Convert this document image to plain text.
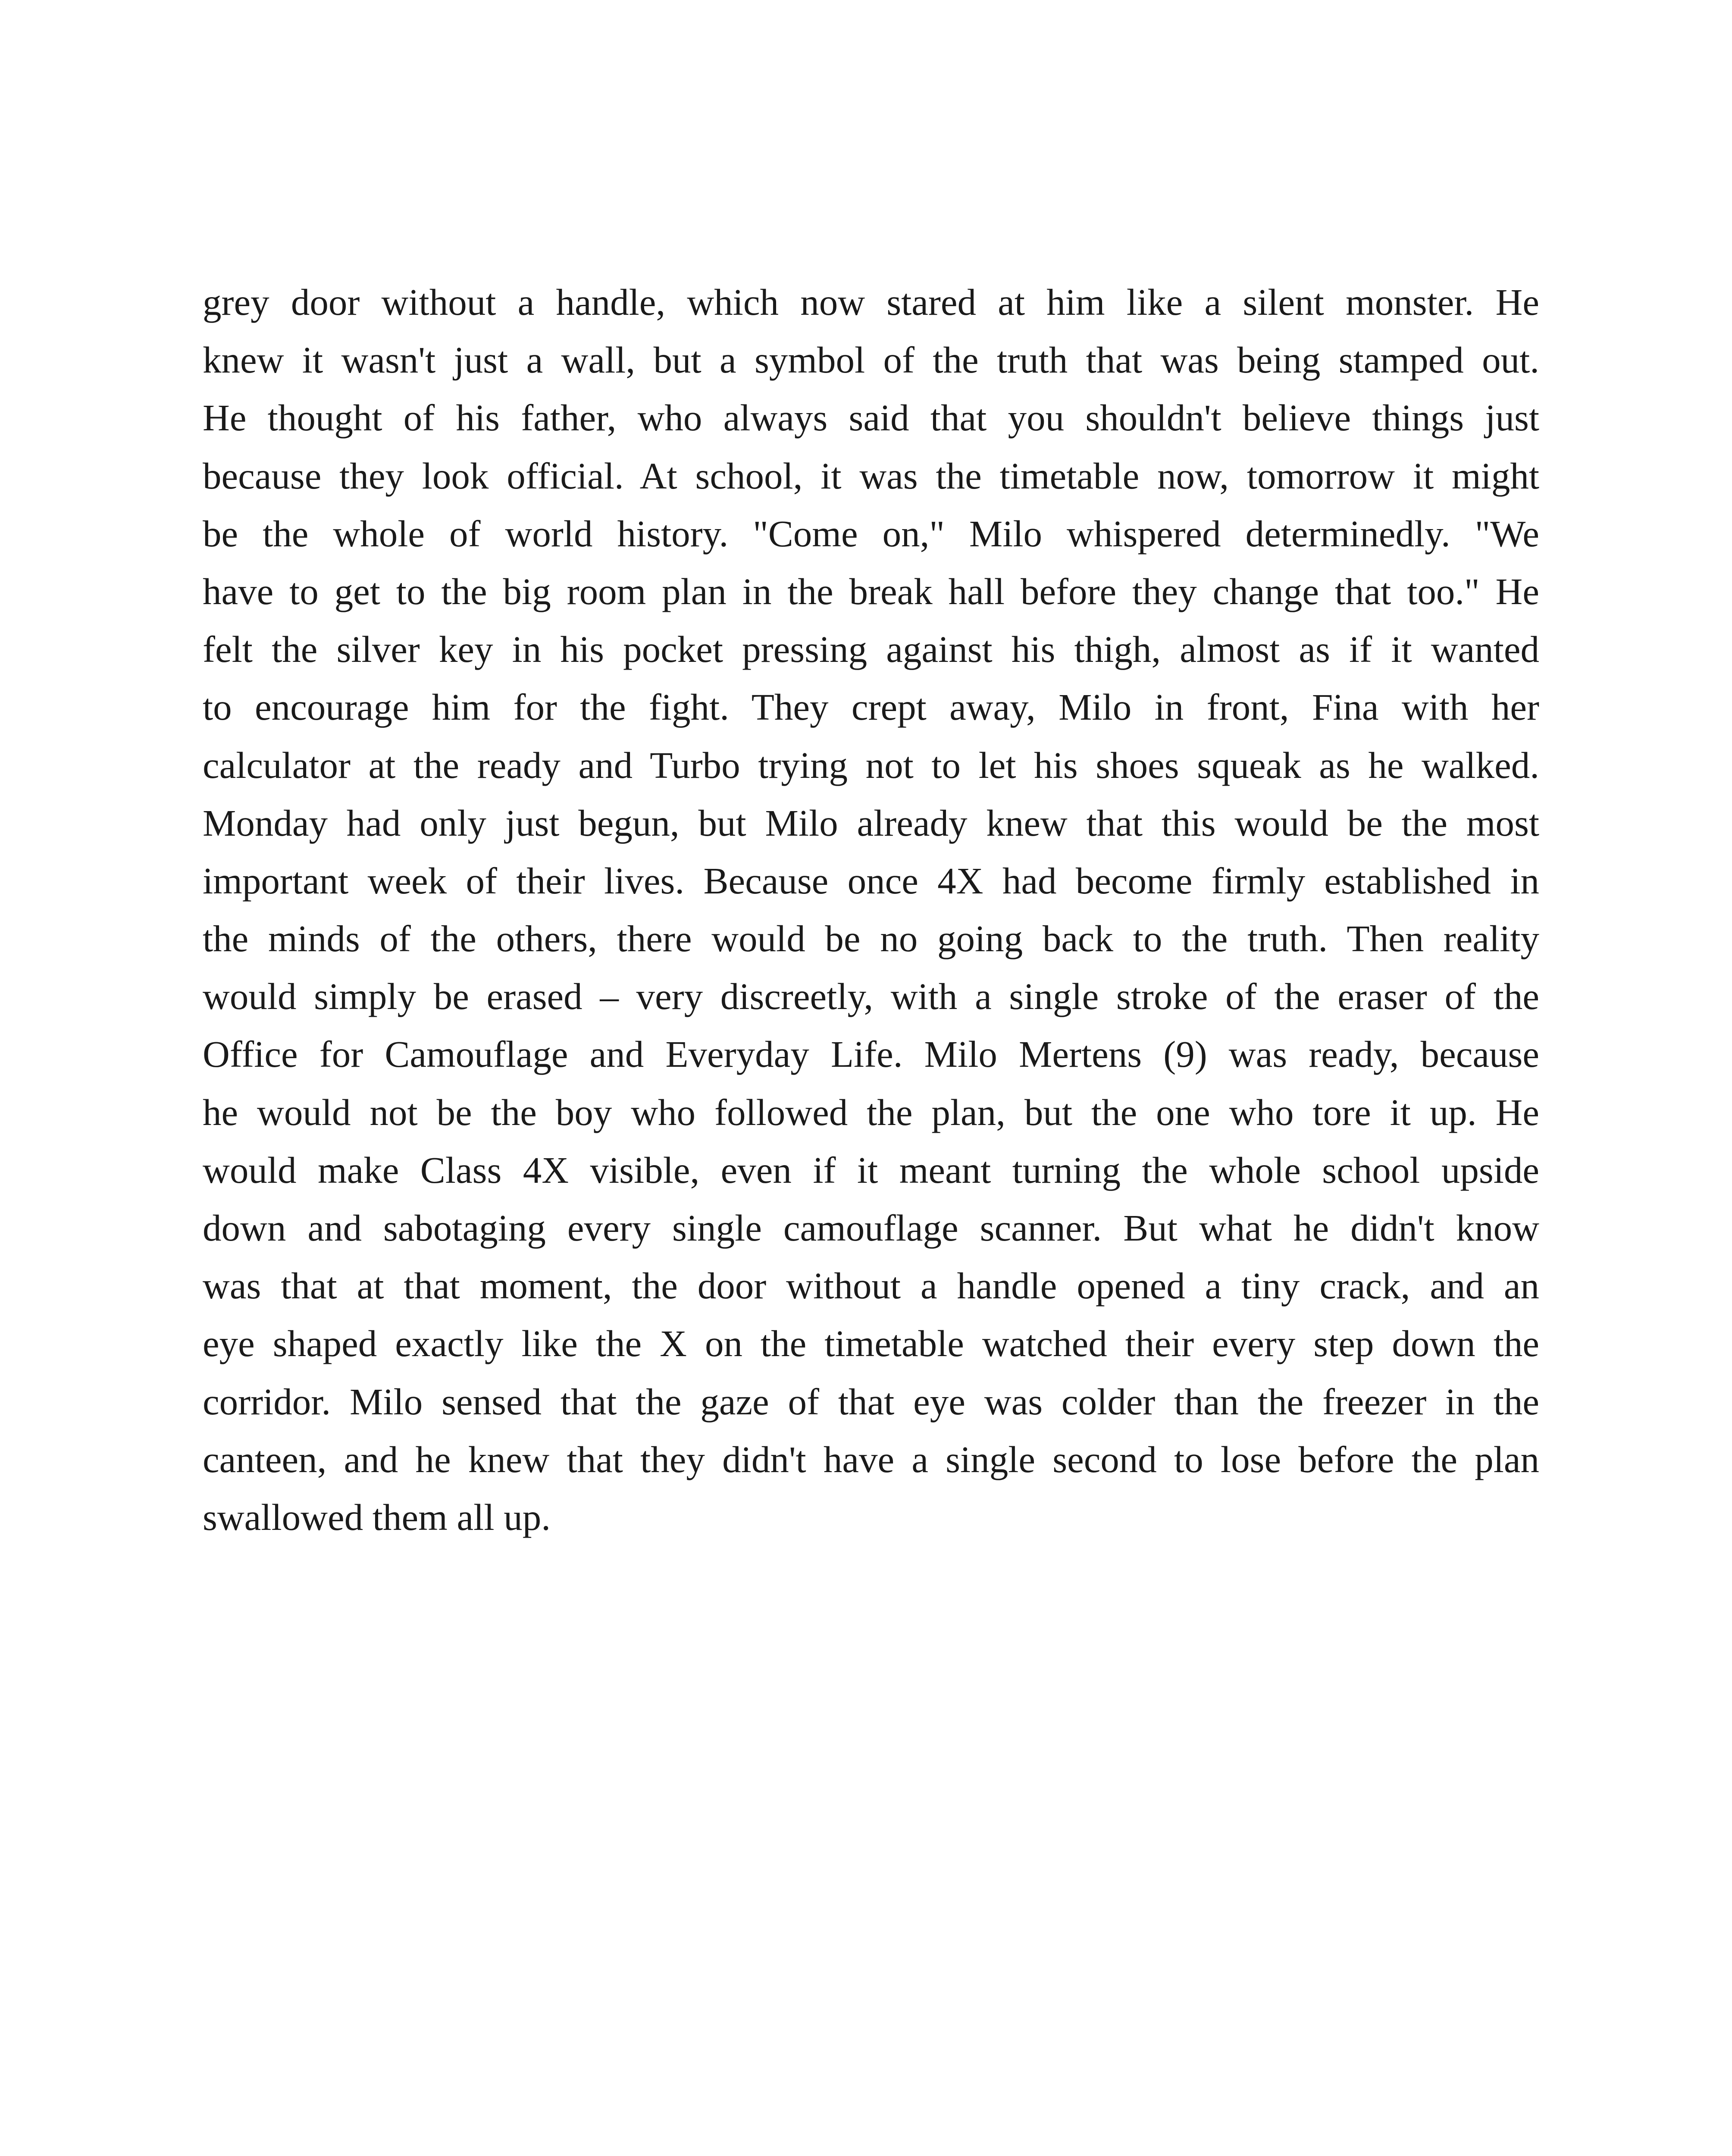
grey door without a handle, which now stared at him like a silent monster. He
knew it wasn't just a wall, but a symbol of the truth that was being stamped out.
He thought of his father, who always said that you shouldn't believe things just
because they look official. At school, it was the timetable now, tomorrow it might
be the whole of world history. "Come on," Milo whispered determinedly. "We
have to get to the big room plan in the break hall before they change that too." He
felt the silver key in his pocket pressing against his thigh, almost as if it wanted
to encourage him for the fight. They crept away, Milo in front, Fina with her
calculator at the ready and Turbo trying not to let his shoes squeak as he walked.
Monday had only just begun, but Milo already knew that this would be the most
important week of their lives. Because once 4X had become firmly established in
the minds of the others, there would be no going back to the truth. Then reality
would simply be erased – very discreetly, with a single stroke of the eraser of the
Office for Camouflage and Everyday Life. Milo Mertens (9) was ready, because
he would not be the boy who followed the plan, but the one who tore it up. He
would make Class 4X visible, even if it meant turning the whole school upside
down and sabotaging every single camouflage scanner. But what he didn't know
was that at that moment, the door without a handle opened a tiny crack, and an
eye shaped exactly like the X on the timetable watched their every step down the
corridor. Milo sensed that the gaze of that eye was colder than the freezer in the
canteen, and he knew that they didn't have a single second to lose before the plan
swallowed them all up.
